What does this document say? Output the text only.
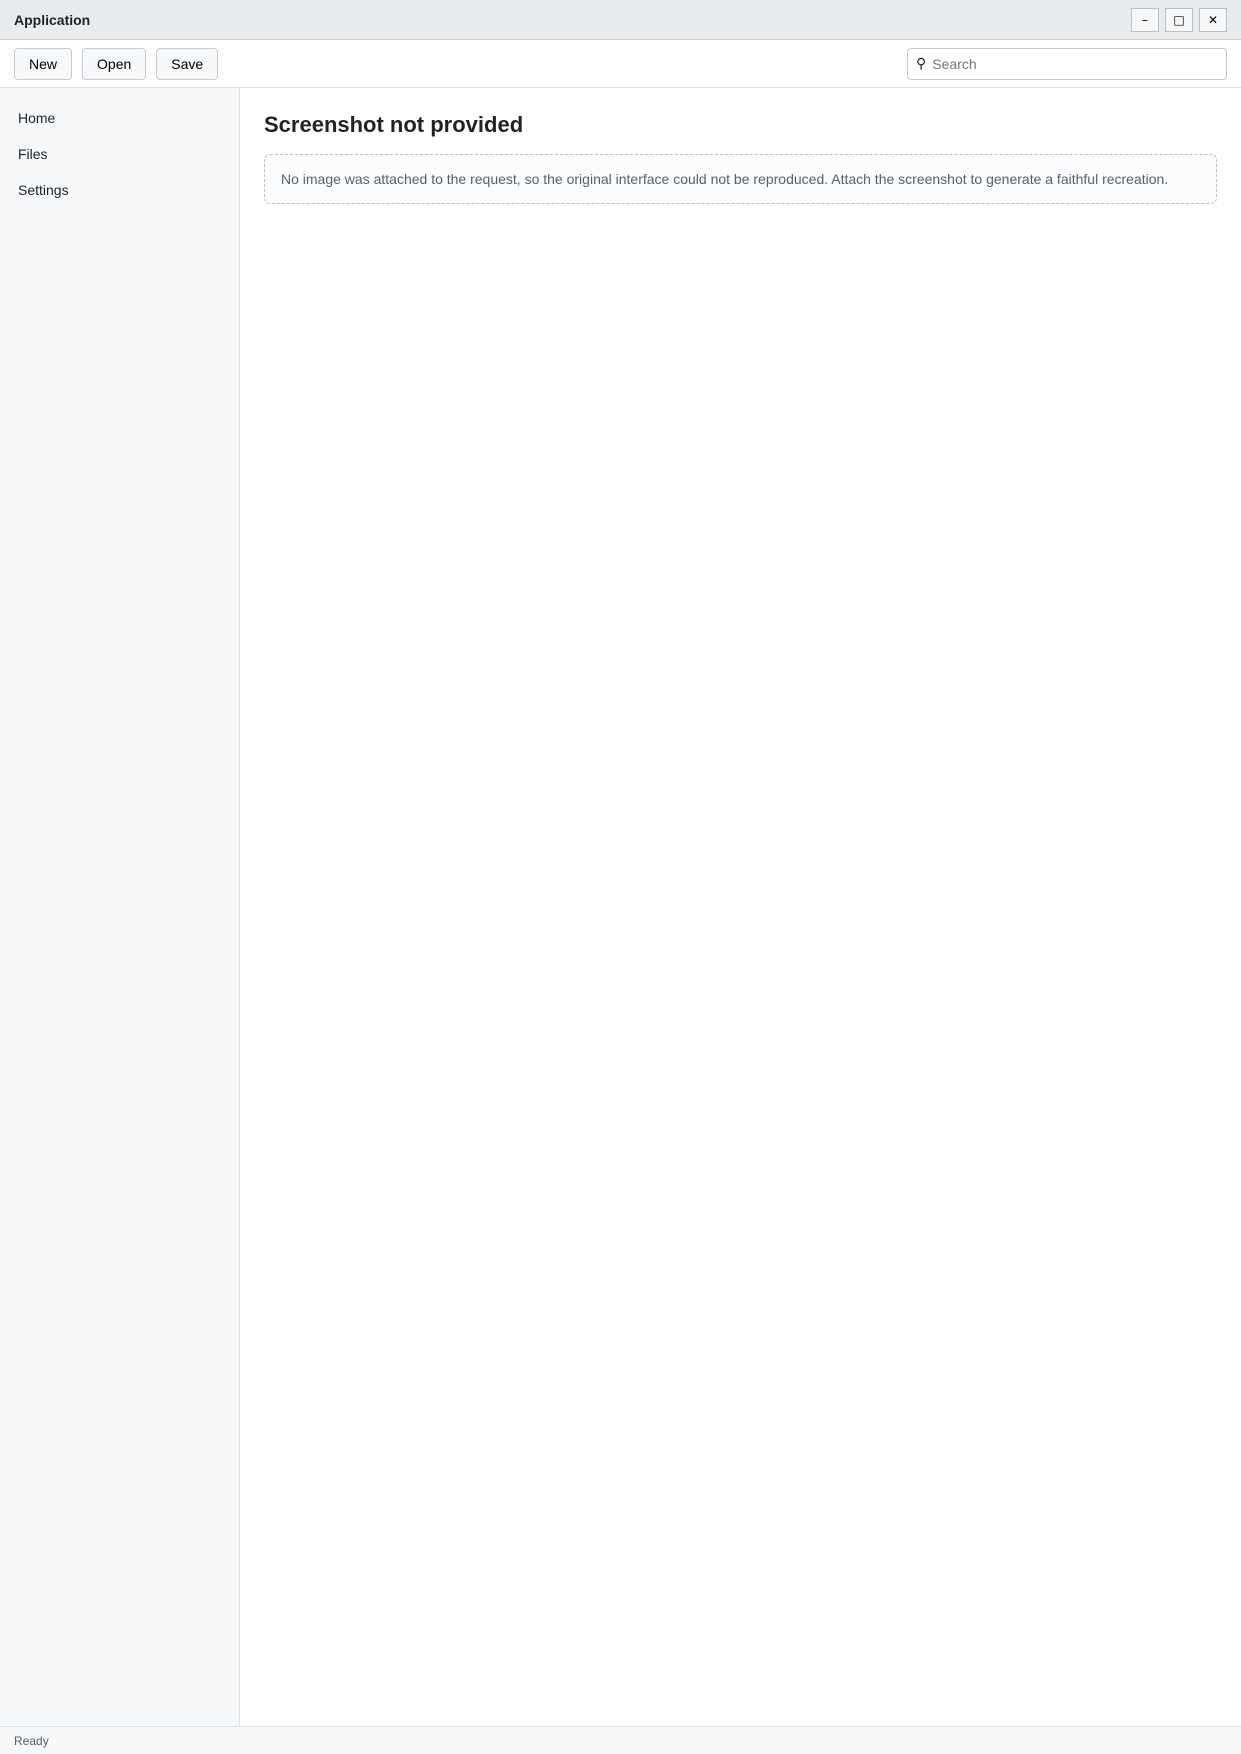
Application	– □ ✕
New	Open	Save	⚲
Search
Home
Files
Settings
Screenshot not provided

No image was attached to the request, so the original interface could not be reproduced. Attach the screenshot to generate a faithful recreation.

Ready
